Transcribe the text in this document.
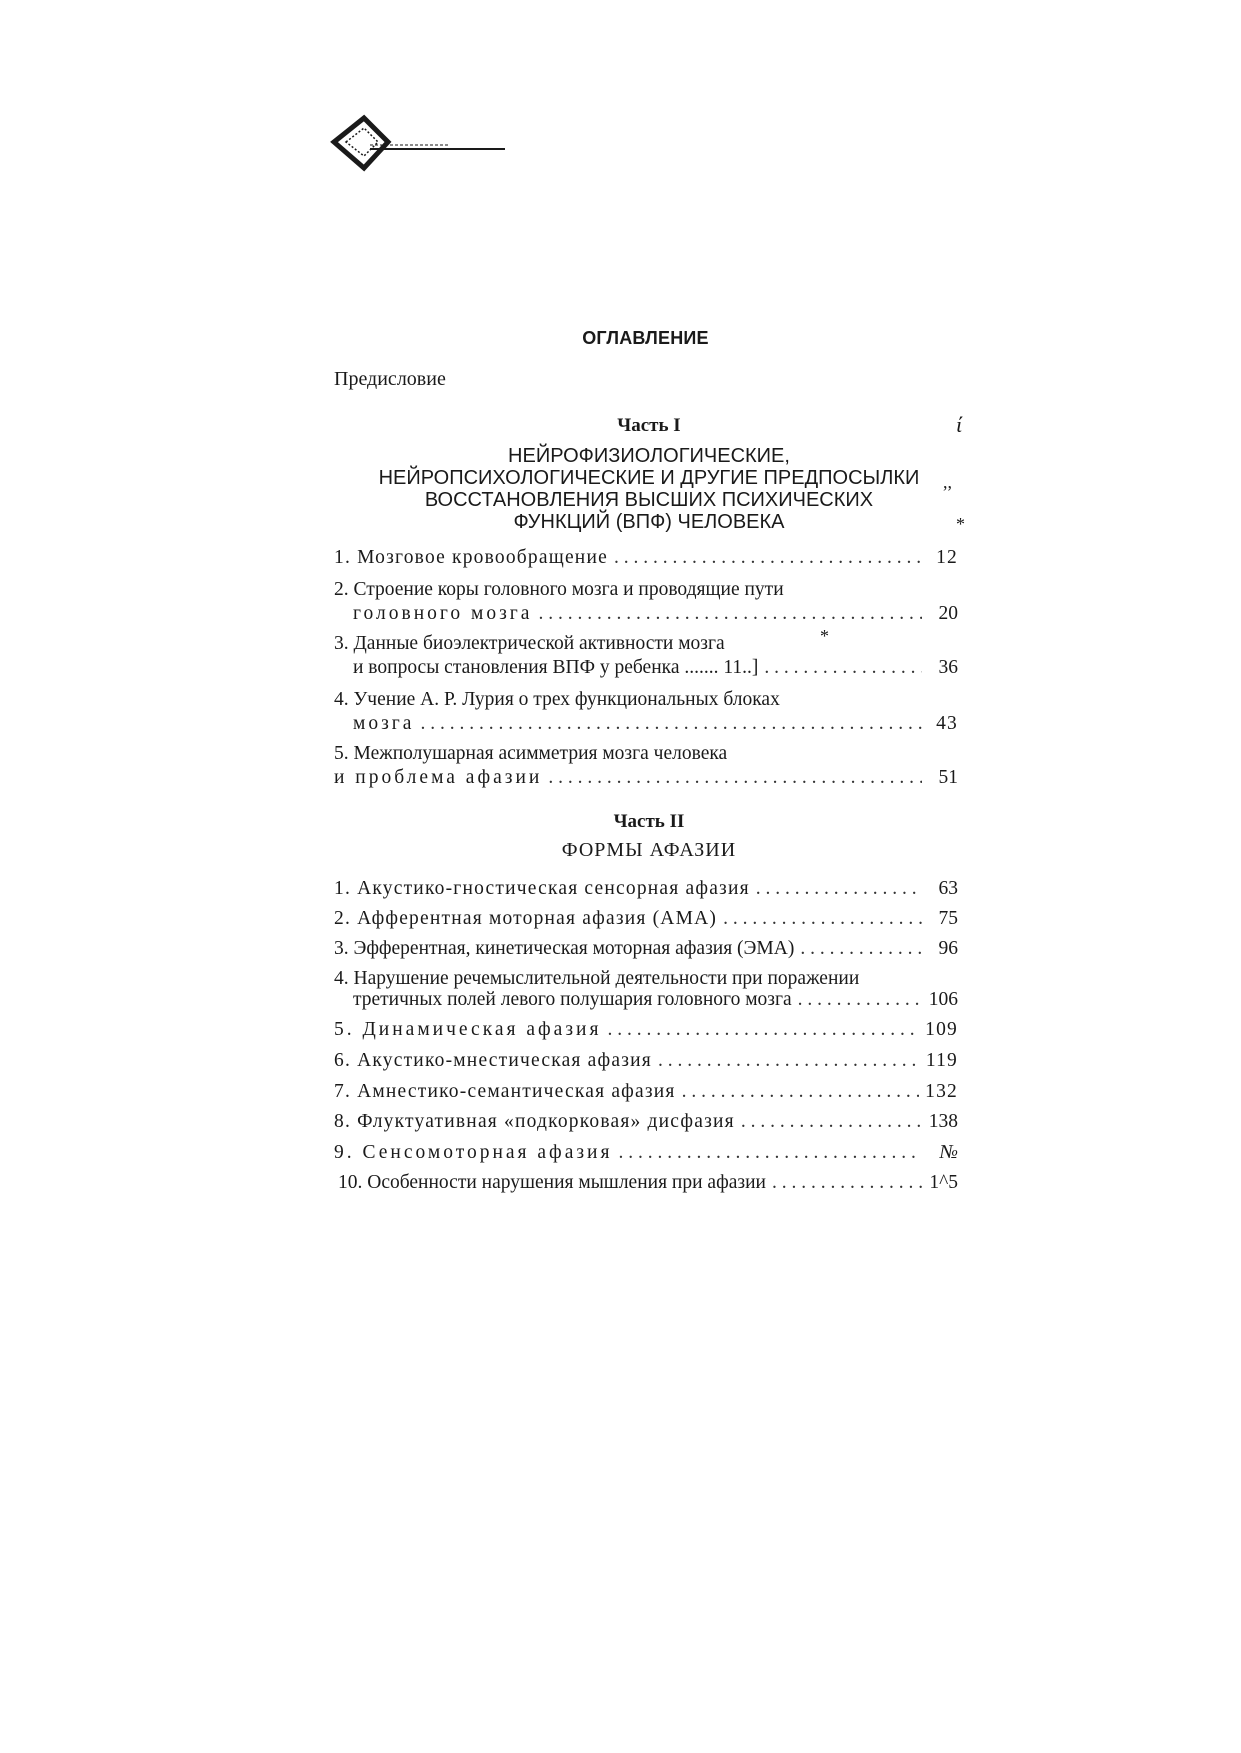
ОГЛАВЛЕНИЕ
Предисловие
Часть I
НЕЙРОФИЗИОЛОГИЧЕСКИЕ,
НЕЙРОПСИХОЛОГИЧЕСКИЕ И ДРУГИЕ ПРЕДПОСЫЛКИ
ВОССТАНОВЛЕНИЯ ВЫСШИХ ПСИХИЧЕСКИХ
ФУНКЦИЙ (ВПФ) ЧЕЛОВЕКА
ί
,,
*
*
1. Мозговое кровообращение . . .	12
2. Строение коры головного мозга и проводящие пути
головного мозга . . .	20
3. Данные биоэлектрической активности мозга
и вопросы становления ВПФ у ребенка ....... 11..] . . .	36
4. Учение А. Р. Лурия о трех функциональных блоках
мозга . . .	43
5. Межполушарная асимметрия мозга человека
и проблема афазии . . .	51
Часть II
ФОРМЫ АФАЗИИ
1. Акустико-гностическая сенсорная афазия . . .	63
2. Афферентная моторная афазия (АМА) . . .	75
3. Эфферентная, кинетическая моторная афазия (ЭМА) . . .	96
4. Нарушение речемыслительной деятельности при поражении
третичных полей левого полушария головного мозга . . .	106
5. Динамическая афазия . . .	109
6. Акустико-мнестическая афазия . . .	119
7. Амнестико-семантическая афазия . . .	132
8. Флуктуативная «подкорковая» дисфазия . . .	138
9. Сенсомоторная афазия . . .	№
10. Особенности нарушения мышления при афазии . . .	1^5
